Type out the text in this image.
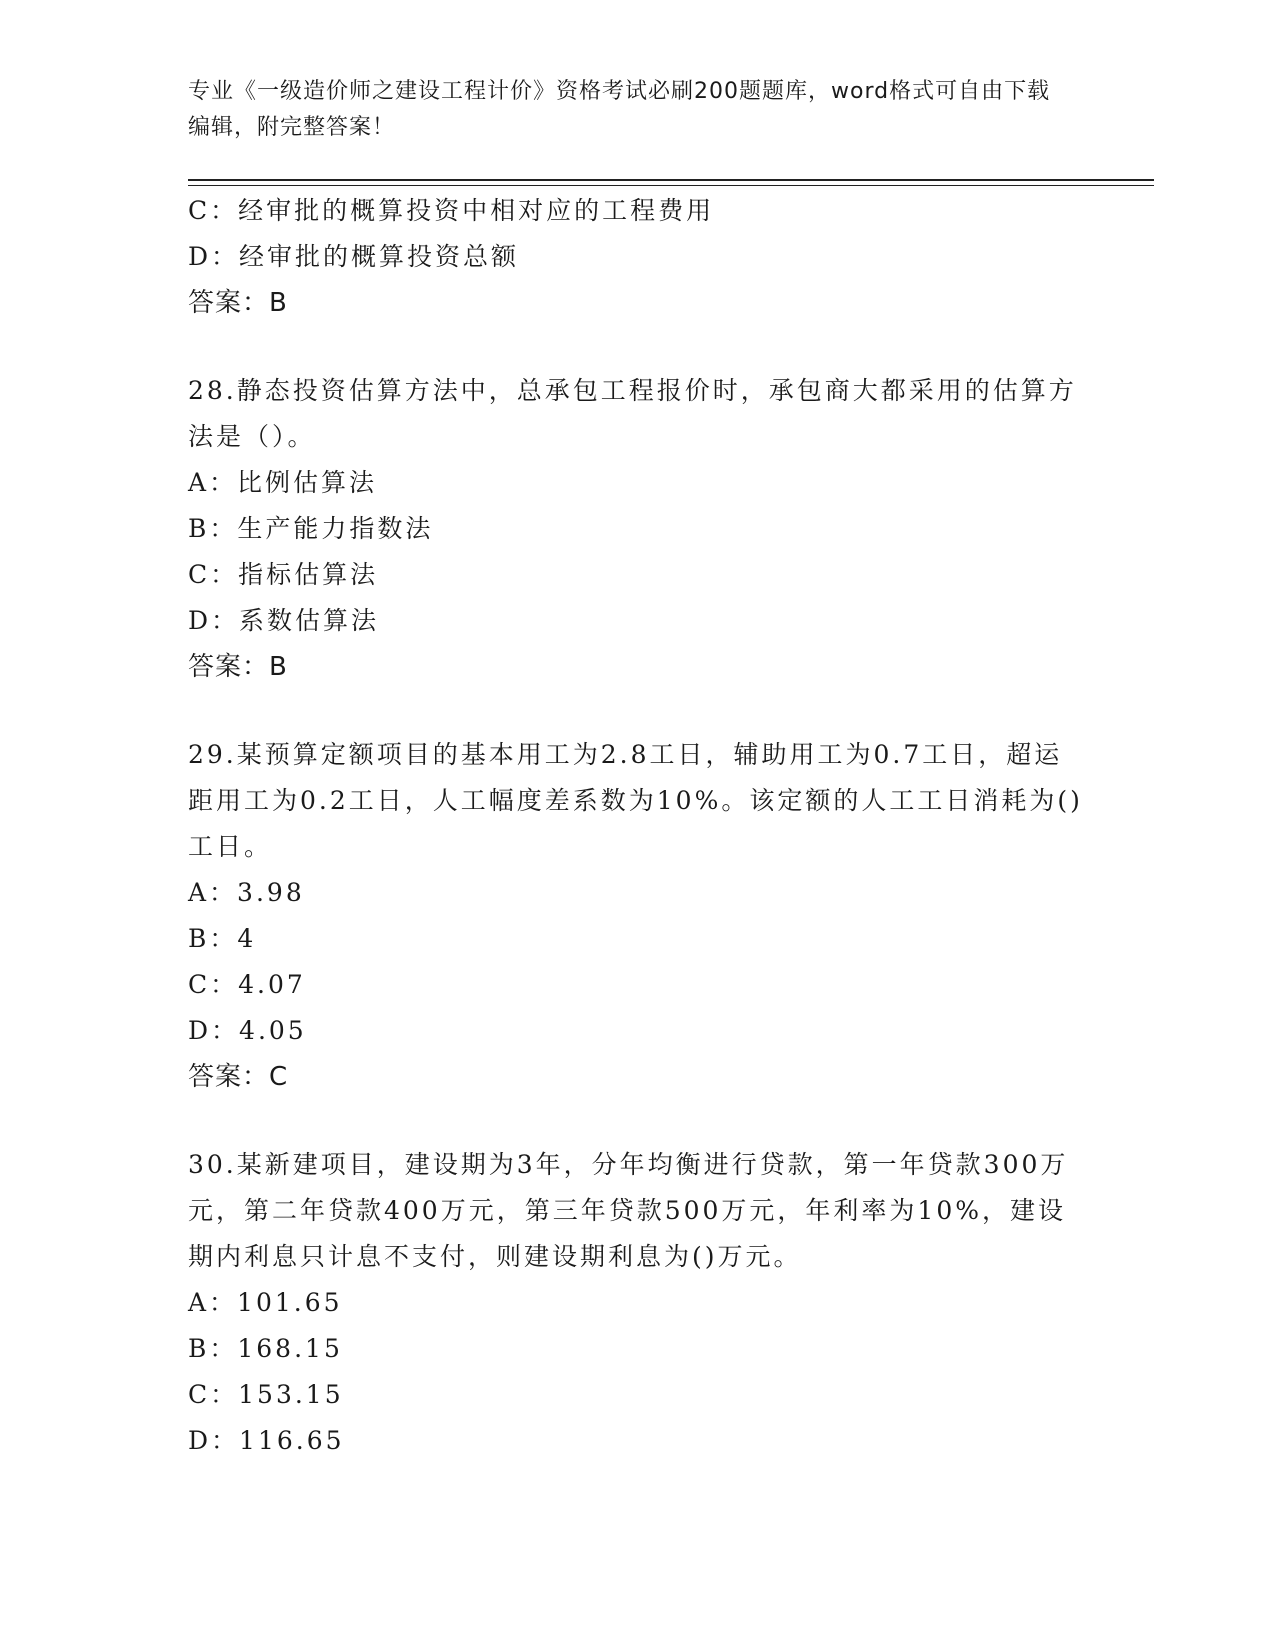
专业《一级造价师之建设工程计价》资格考试必刷200题题库，word格式可自由下载编辑，附完整答案！
C：经审批的概算投资中相对应的工程费用
D：经审批的概算投资总额
答案：B
28.静态投资估算方法中，总承包工程报价时，承包商大都采用的估算方法是（）。
A：比例估算法
B：生产能力指数法
C：指标估算法
D：系数估算法
答案：B
29.某预算定额项目的基本用工为2.8工日，辅助用工为0.7工日，超运距用工为0.2工日，人工幅度差系数为10%。该定额的人工工日消耗为()工日。
A：3.98
B：4
C：4.07
D：4.05
答案：C
30.某新建项目，建设期为3年，分年均衡进行贷款，第一年贷款300万元，第二年贷款400万元，第三年贷款500万元，年利率为10%，建设期内利息只计息不支付，则建设期利息为()万元。
A：101.65
B：168.15
C：153.15
D：116.65
